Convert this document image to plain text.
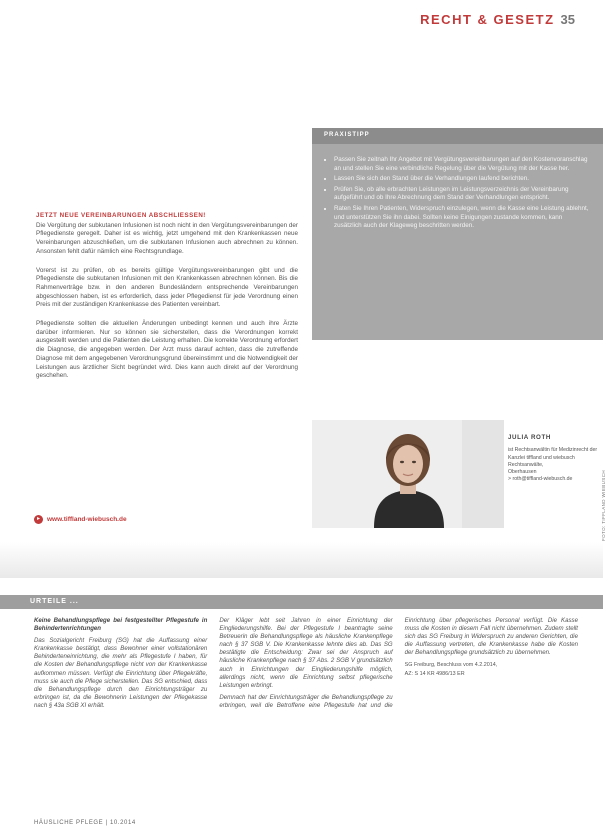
RECHT & GESETZ 35
PRAXISTIPP
• Passen Sie zeitnah Ihr Angebot mit Vergütungsvereinbarungen auf den Kostenvoranschlag an und stellen Sie eine verbindliche Regelung über die Vergütung mit der Kasse her.
• Lassen Sie sich den Stand über die Verhandlungen laufend berichten.
• Prüfen Sie, ob alle erbrachten Leistungen im Leistungsverzeichnis der Vereinbarung aufgeführt und ob Ihre Abrechnung dem Stand der Verhandlungen entspricht.
• Raten Sie Ihren Patienten, Widerspruch einzulegen, wenn die Kasse eine Leistung ablehnt, und unterstützen Sie ihn dabei. Sollten keine Einigungen zustande kommen, kann zusätzlich auch der Klageweg beschritten werden.
JETZT NEUE VEREINBARUNGEN ABSCHLIESSEN!

Die Vergütung der subkutanen Infusionen ist noch nicht in den Vergütungsvereinbarungen der Pflegedienste geregelt. Daher ist es wichtig, jetzt umgehend mit den Krankenkassen neue Vereinbarungen abzuschließen, um die subkutanen Infusionen auch abrechnen zu können. Ansonsten fehlt dafür nämlich eine Rechtsgrundlage.

Vorerst ist zu prüfen, ob es bereits gültige Vergütungsvereinbarungen gibt und die Pflegedienste die subkutanen Infusionen mit den Krankenkassen abrechnen können. Bis die Rahmenverträge bzw. in den anderen Bundesländern entsprechende Vereinbarungen abgeschlossen haben, ist es erforderlich, dass jeder Pflegedienst für jede Verordnung einen Preis mit der zuständigen Krankenkasse des Patienten vereinbart.

Pflegedienste sollten die aktuellen Änderungen unbedingt kennen und auch ihre Ärzte darüber informieren. Nur so können sie sicherstellen, dass die Verordnungen korrekt ausgestellt werden und die Patienten die Leistung erhalten. Die korrekte Verordnung erfordert die Diagnose, die angegeben werden. Der Arzt muss darauf achten, dass die zutreffende Diagnose mit dem angegebenen Verordnungsgrund übereinstimmt und die Notwendigkeit der Leistungen aus ärztlicher Sicht begründet wird. Dies kann auch direkt auf der Verordnung geschehen.

▸	www.tiffland-wiebusch.de
JULIA ROTH
ist Rechtsanwältin für Medizinrecht der
Kanzlei tiffland und wiebusch Rechtsanwälte,
Oberhausen
> roth@tiffland-wiebusch.de	FOTO: TIFFLAND WIEBUSCH
URTEILE ...

Keine Behandlungspflege bei festgestellter Pflegestufe in Behindertenrichtungen

Das Sozialgericht Freiburg (SG) hat die Auffassung einer Krankenkasse bestätigt, dass Bewohner einer vollstationären Behinderteneinrichtung, die mehr als Pflegestufe I haben, für die Kosten der Behandlungspflege nicht von der Krankenkasse aufkommen müssen. Verfügt die Einrichtung über Pflegekräfte, muss sie auch die Pflege sicherstellen. Das SG entschied, dass die Behandlungspflege durch den Einrichtungsträger zu erbringen ist, da die Bewohnerin Leistungen der Pflegekasse nach § 43a SGB XI erhält.

Der Kläger lebt seit Jahren in einer Einrichtung der Eingliederungshilfe. Bei der Pflegestufe I beantragte seine Betreuerin die Behandlungspflege als häusliche Krankenpflege nach § 37 SGB V. Die Krankenkasse lehnte dies ab. Das SG bestätigte die Entscheidung: Zwar sei der Anspruch auf häusliche Krankenpflege nach § 37 Abs. 2 SGB V grundsätzlich auch in Einrichtungen der Eingliederungshilfe möglich, allerdings nicht, wenn die Einrichtung selbst pflegerische Leistungen erbringt.

Demnach hat der Einrichtungsträger die Behandlungspflege zu erbringen, weil die Betroffene eine Pflegestufe hat und die Einrichtung über pflegerisches Personal verfügt. Die Kasse muss die Kosten in diesem Fall nicht übernehmen. Zudem stellt sich das SG Freiburg in Widerspruch zu anderen Gerichten, die die Auffassung vertreten, die Krankenkasse habe die Kosten der Behandlungspflege grundsätzlich zu übernehmen.

SG Freiburg, Beschluss vom 4.2.2014,
AZ: S 14 KR 4986/13 ER
HÄUSLICHE PFLEGE | 10.2014
